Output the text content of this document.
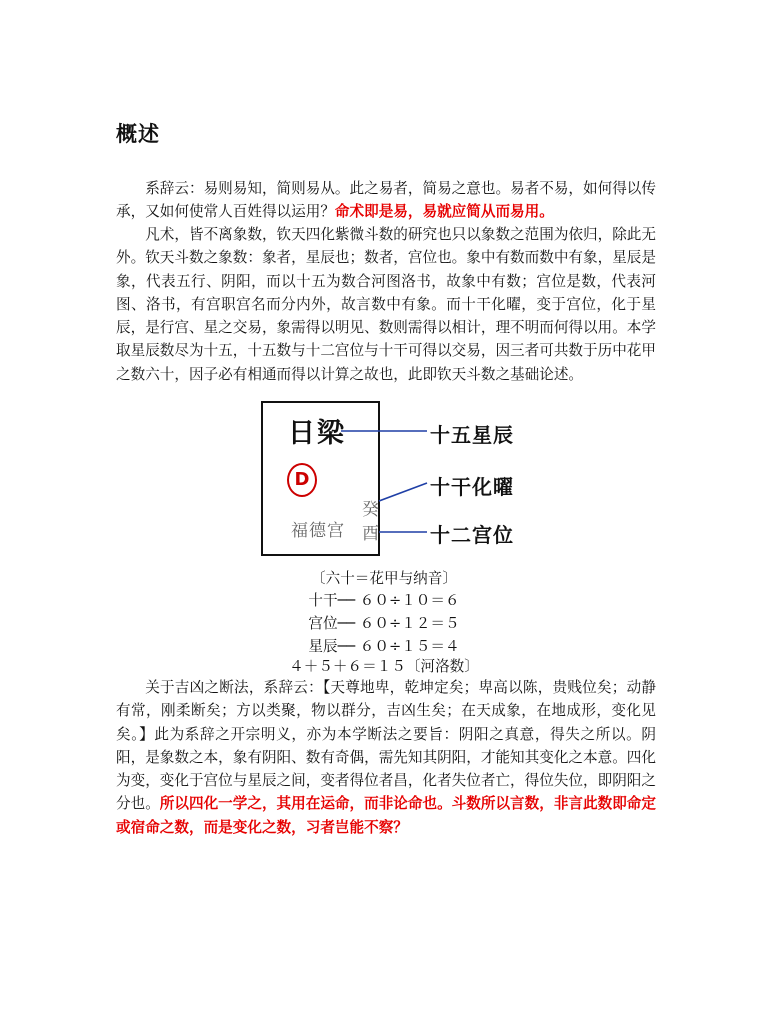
概述

系辞云：易则易知，简则易从。此之易者，简易之意也。易者不易，如何得以传承，又如何使常人百姓得以运用？命术即是易，易就应简从而易用。

凡术，皆不离象数，钦天四化紫微斗数的研究也只以象数之范围为依归，除此无外。钦天斗数之象数：象者，星辰也；数者，宫位也。象中有数而数中有象，星辰是象，代表五行、阴阳，而以十五为数合河图洛书，故象中有数；宫位是数，代表河图、洛书，有宫职宫名而分内外，故言数中有象。而十干化曜，变于宫位，化于星辰，是行宫、星之交易，象需得以明见、数则需得以相计，理不明而何得以用。本学取星辰数尽为十五，十五数与十二宫位与十干可得以交易，因三者可共数于历中花甲之数六十，因子必有相通而得以计算之故也，此即钦天斗数之基础论述。

日梁
D
福德宫
癸
酉
十五星辰
十干化曜
十二宫位
〔六十＝花甲与纳音〕
十干── ６０÷１０＝６
宫位── ６０÷１２＝５
星辰── ６０÷１５＝４
４＋５＋６＝１５〔河洛数〕

关于吉凶之断法，系辞云：【天尊地卑，乾坤定矣；卑高以陈，贵贱位矣；动静有常，刚柔断矣；方以类聚，物以群分，吉凶生矣；在天成象，在地成形，变化见矣。】此为系辞之开宗明义，亦为本学断法之要旨：阴阳之真意，得失之所以。阴阳，是象数之本，象有阴阳、数有奇偶，需先知其阴阳，才能知其变化之本意。四化为变，变化于宫位与星辰之间，变者得位者昌，化者失位者亡，得位失位，即阴阳之分也。所以四化一学之，其用在运命，而非论命也。斗数所以言数，非言此数即命定或宿命之数，而是变化之数，习者岂能不察？
